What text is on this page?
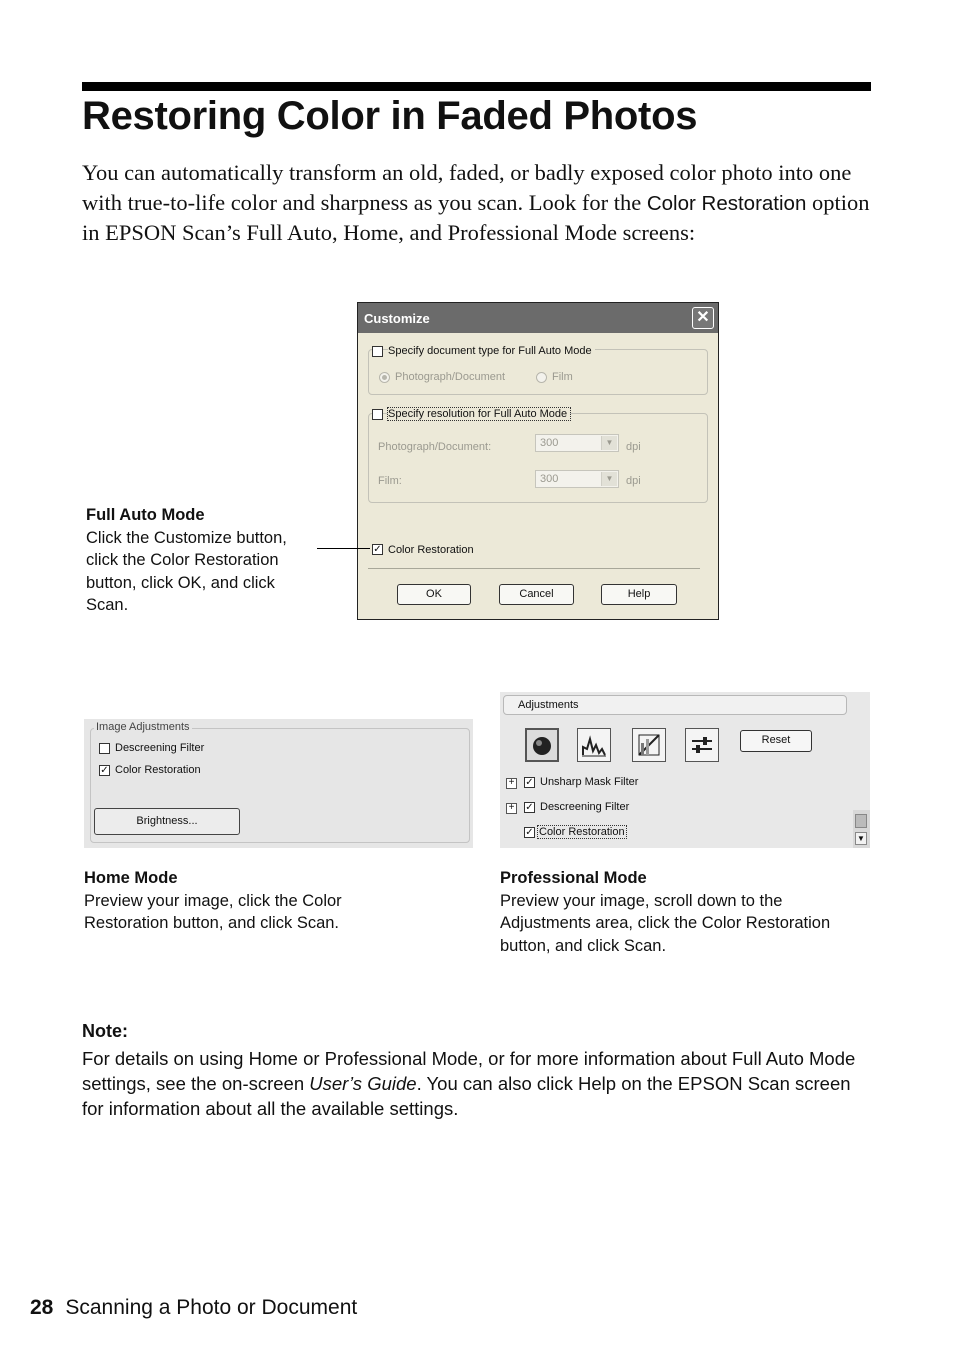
Restoring Color in Faded Photos
You can automatically transform an old, faded, or badly exposed color photo into one with true-to-life color and sharpness as you scan. Look for the Color Restoration option in EPSON Scan’s Full Auto, Home, and Professional Mode screens:
Customize	✕
Specify document type for Full Auto Mode
Photograph/Document	Film
Specify resolution for Full Auto Mode
Photograph/Document:	300	▼	dpi
Film:	300	▼	dpi
✓ Color Restoration
OK	Cancel	Help
Full Auto Mode
Click the Customize button, click the Color Restoration button, click OK, and click Scan.
Image Adjustments
Descreening Filter
✓ Color Restoration
Brightness...
Adjustments
Reset
+ ✓ Unsharp Mask Filter
+ ✓ Descreening Filter
✓ Color Restoration
▼
Home Mode
Preview your image, click the Color Restoration button, and click Scan.
Professional Mode
Preview your image, scroll down to the Adjustments area, click the Color Restoration button, and click Scan.
Note:
For details on using Home or Professional Mode, or for more information about Full Auto Mode settings, see the on-screen User’s Guide. You can also click Help on the EPSON Scan screen for information about all the available settings.
28 Scanning a Photo or Document
